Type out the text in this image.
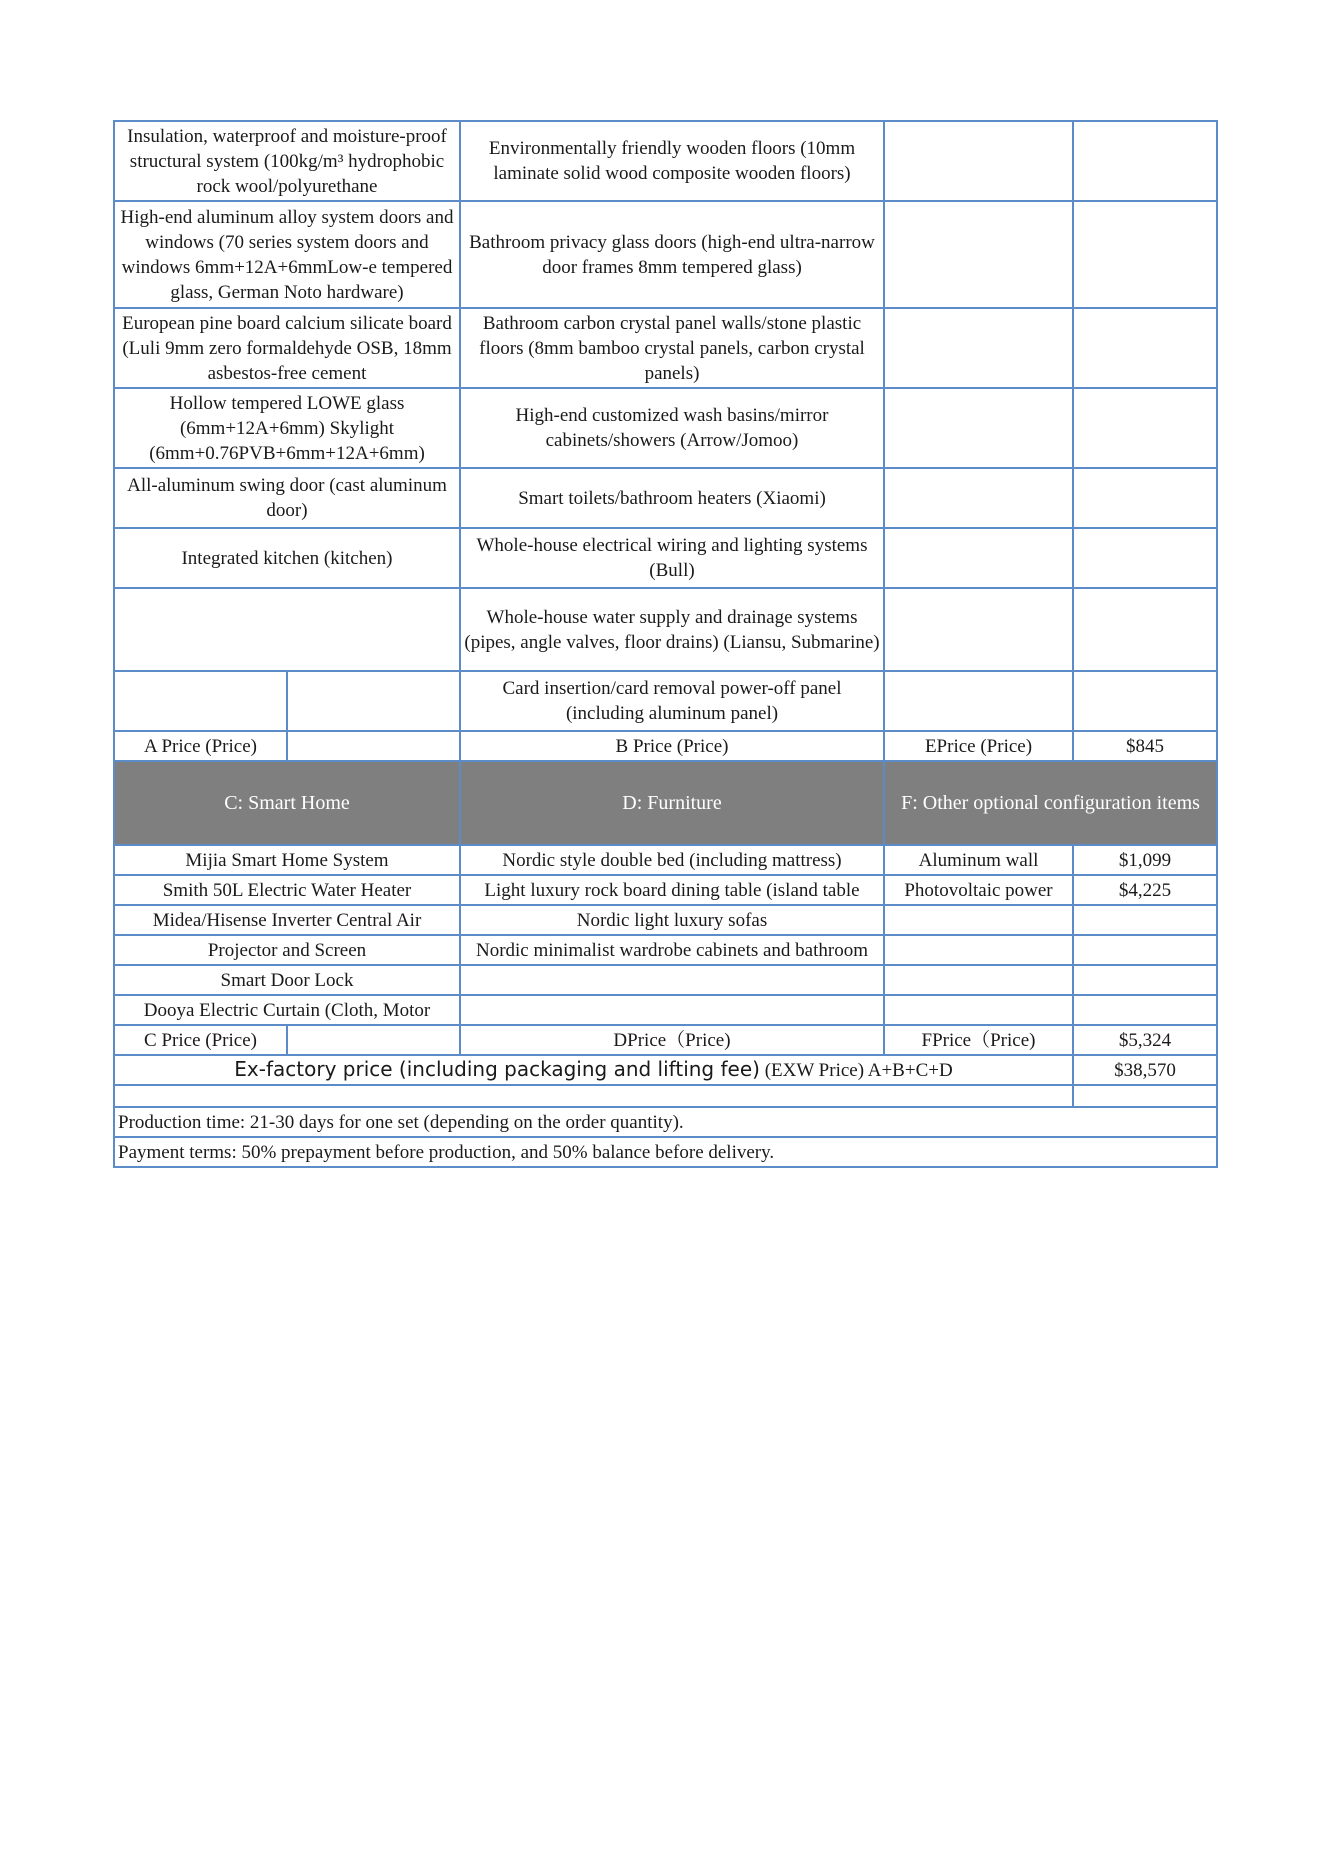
Insulation, waterproof and moisture-proof structural system (100kg/m³ hydrophobic rock wool/polyurethane		Environmentally friendly wooden floors (10mm laminate solid wood composite wooden floors)		
High-end aluminum alloy system doors and windows (70 series system doors and windows 6mm+12A+6mmLow-e tempered glass, German Noto hardware)		Bathroom privacy glass doors (high-end ultra-narrow door frames 8mm tempered glass)		
European pine board calcium silicate board (Luli 9mm zero formaldehyde OSB, 18mm asbestos-free cement		Bathroom carbon crystal panel walls/stone plastic floors (8mm bamboo crystal panels, carbon crystal panels)		
Hollow tempered LOWE glass (6mm+12A+6mm) Skylight (6mm+0.76PVB+6mm+12A+6mm)		High-end customized wash basins/mirror cabinets/showers (Arrow/Jomoo)		
All-aluminum swing door (cast aluminum door)		Smart toilets/bathroom heaters (Xiaomi)		
Integrated kitchen (kitchen)		Whole-house electrical wiring and lighting systems (Bull)		
		Whole-house water supply and drainage systems (pipes, angle valves, floor drains) (Liansu, Submarine)		
		Card insertion/card removal power-off panel (including aluminum panel)		
A Price (Price)		B Price (Price)	EPrice (Price)	$845
C: Smart Home		D: Furniture	F: Other optional configuration items	
Mijia Smart Home System		Nordic style double bed (including mattress)	Aluminum wall	$1,099
Smith 50L Electric Water Heater		Light luxury rock board dining table (island table	Photovoltaic power	$4,225
Midea/Hisense Inverter Central Air		Nordic light luxury sofas		
Projector and Screen		Nordic minimalist wardrobe cabinets and bathroom		
Smart Door Lock				
Dooya Electric Curtain (Cloth, Motor				
C Price (Price)		DPrice（Price)	FPrice（Price)	$5,324
Ex-factory price (including packaging and lifting fee) (EXW Price) A+B+C+D				$38,570

Production time: 21-30 days for one set (depending on the order quantity).				
Payment terms: 50% prepayment before production, and 50% balance before delivery.				
